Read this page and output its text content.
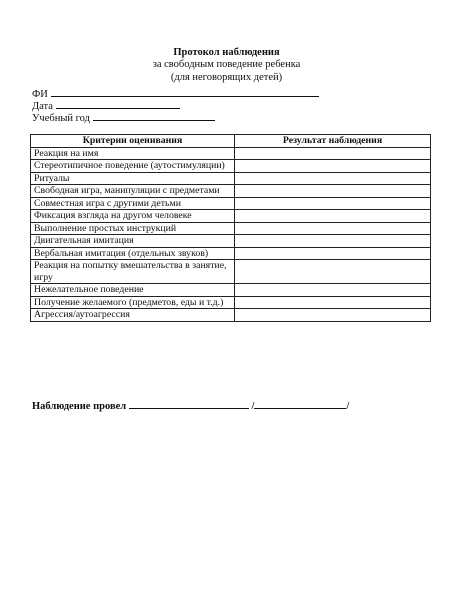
Протокол наблюдения
за свободным поведение ребенка
(для неговорящих детей)
ФИ
Дата
Учебный год
Критерии оценивания	Результат наблюдения
Реакция на имя	
Стереотипичное поведение (аутостимуляции)	
Ритуалы	
Свободная игра, манипуляции с предметами	
Совместная игра с другими детьми	
Фиксация взгляда на другом человеке	
Выполнение простых инструкций	
Двигательная имитация	
Вербальная имитация (отдельных звуков)	
Реакция на попытку вмешательства в занятие, игру	
Нежелательное поведение	
Получение желаемого (предметов, еды и т.д.)	
Агрессия/аутоагрессия	
Наблюдение провел	/	/
